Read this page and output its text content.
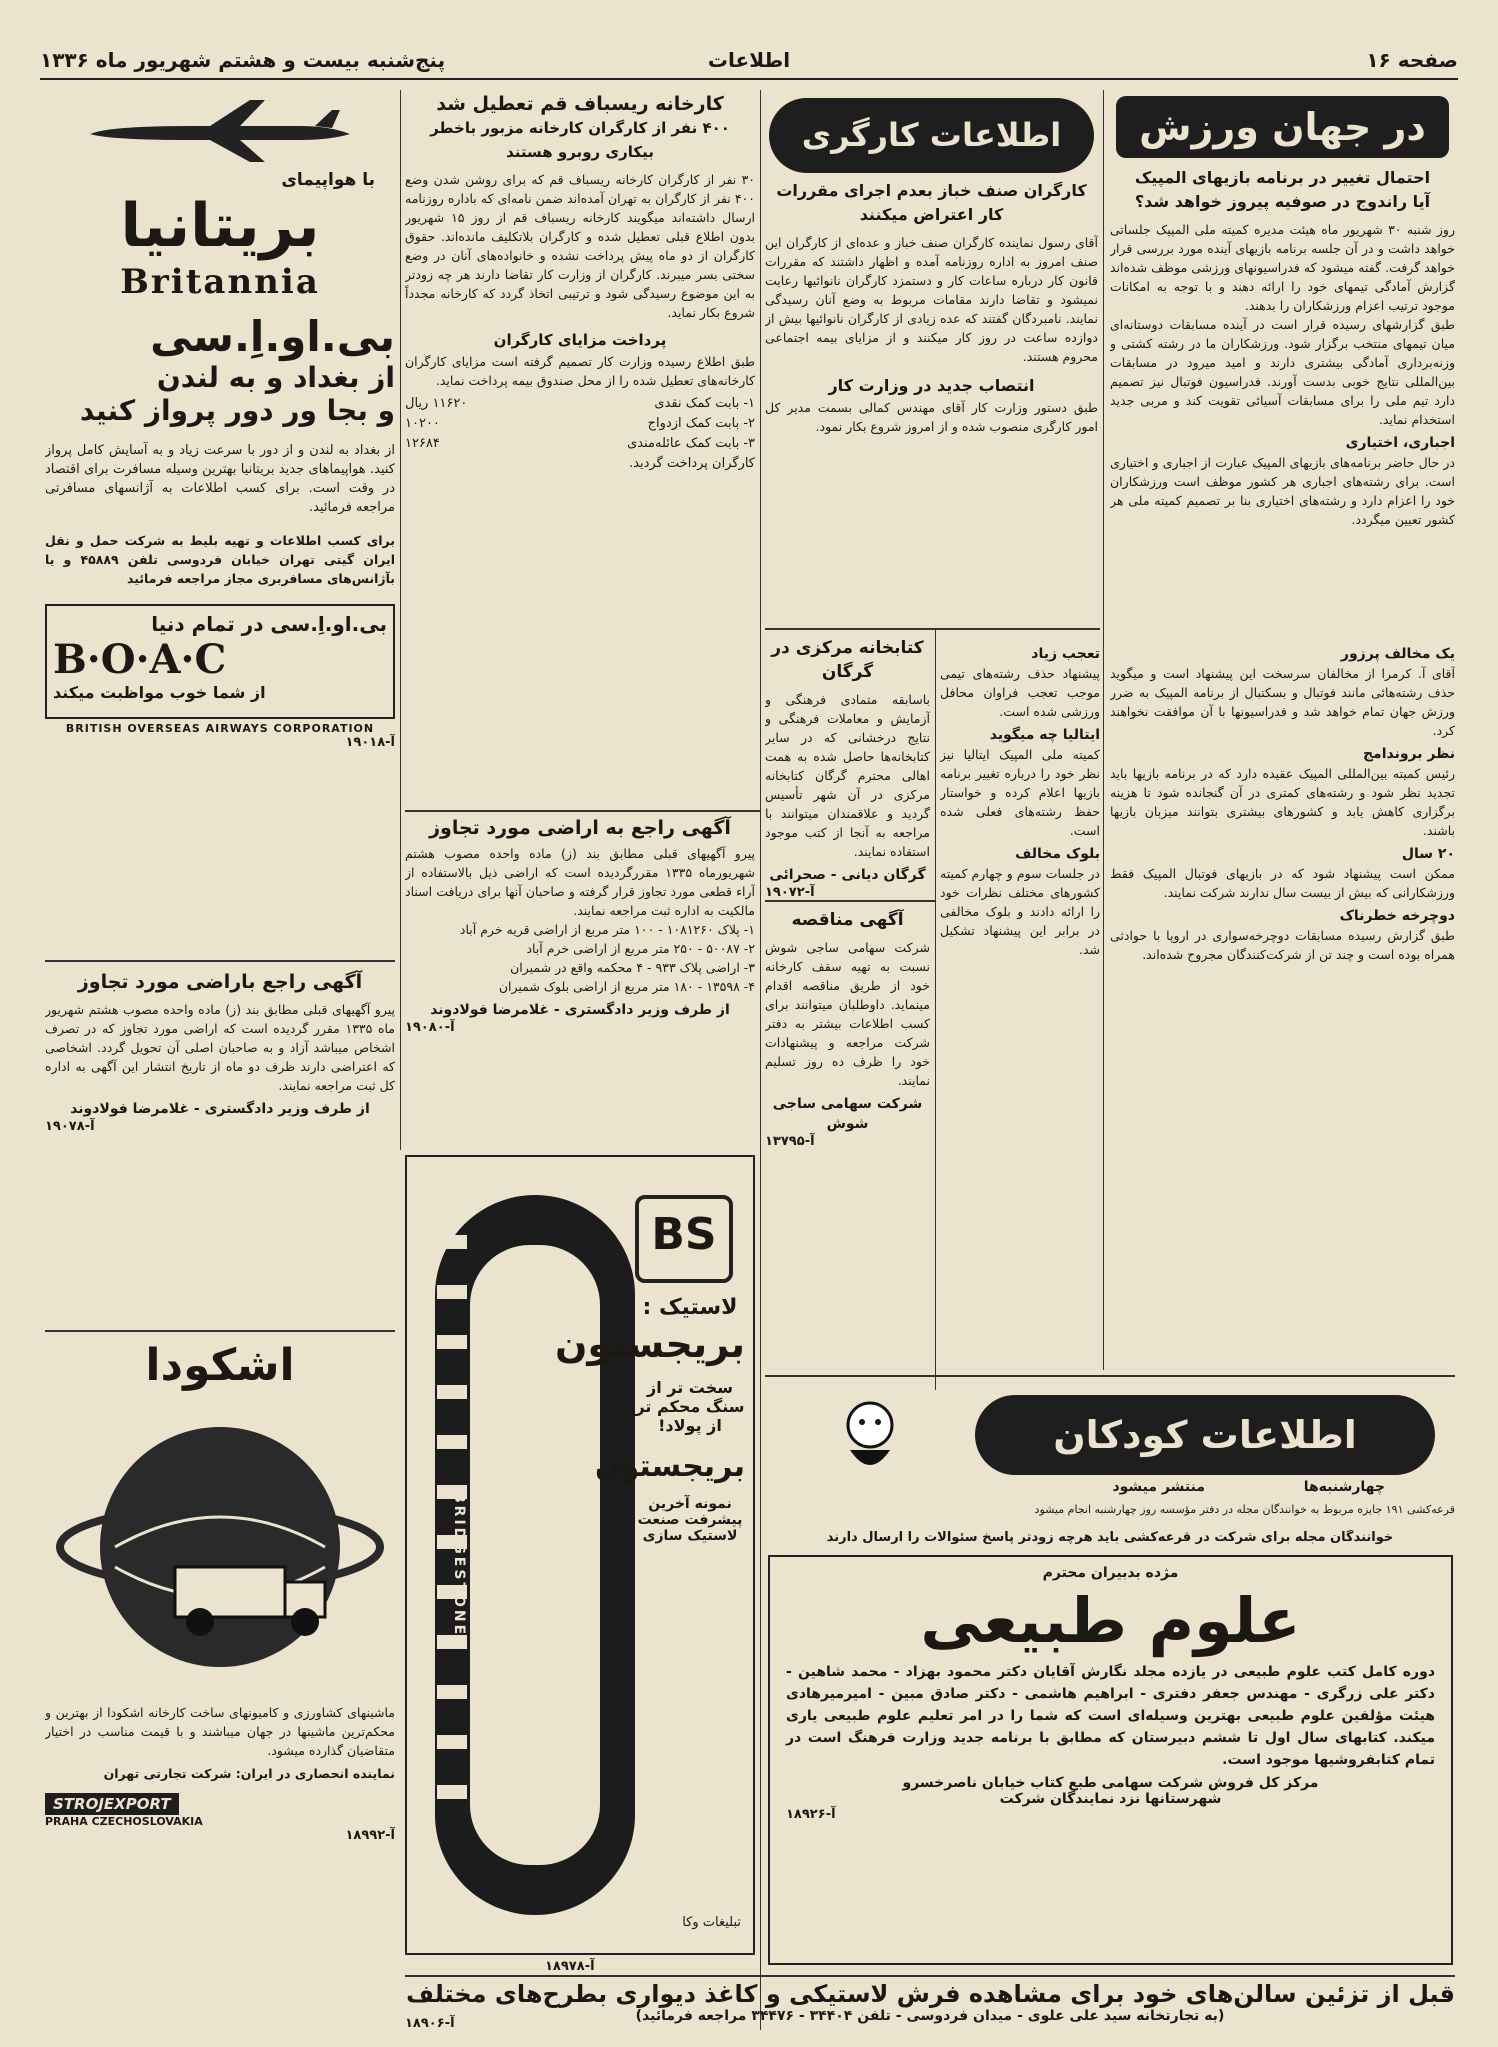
صفحه ۱۶
اطلاعات
پنج‌شنبه بیست و هشتم شهریور ماه ۱۳۳۶
در جهان ورزش
احتمال تغییر در برنامه بازیهای المپیک
آیا راندوج در صوفیه پیروز خواهد شد؟
روز شنبه ۳۰ شهریور ماه هیئت مدیره کمیته ملی المپیک جلساتی خواهد داشت و در آن جلسه برنامه بازیهای آینده مورد بررسی قرار خواهد گرفت. گفته میشود که فدراسیونهای ورزشی موظف شده‌اند گزارش آمادگی تیمهای خود را ارائه دهند و با توجه به امکانات موجود ترتیب اعزام ورزشکاران را بدهند.
طبق گزارشهای رسیده قرار است در آینده مسابقات دوستانه‌ای میان تیمهای منتخب برگزار شود. ورزشکاران ما در رشته کشتی و وزنه‌برداری آمادگی بیشتری دارند و امید میرود در مسابقات بین‌المللی نتایج خوبی بدست آورند. فدراسیون فوتبال نیز تصمیم دارد تیم ملی را برای مسابقات آسیائی تقویت کند و مربی جدید استخدام نماید.
اجباری، اختیاری
در حال حاضر برنامه‌های بازیهای المپیک عبارت از اجباری و اختیاری است. برای رشته‌های اجباری هر کشور موظف است ورزشکاران خود را اعزام دارد و رشته‌های اختیاری بنا بر تصمیم کمیته ملی هر کشور تعیین میگردد.
یک مخالف پرزور
آقای آ. کرمرا از مخالفان سرسخت این پیشنهاد است و میگوید حذف رشته‌هائی مانند فوتبال و بسکتبال از برنامه المپیک به ضرر ورزش جهان تمام خواهد شد و فدراسیونها با آن موافقت نخواهند کرد.
نظر بروندامج
رئیس کمیته بین‌المللی المپیک عقیده دارد که در برنامه بازیها باید تجدید نظر شود و رشته‌های کمتری در آن گنجانده شود تا هزینه برگزاری کاهش یابد و کشورهای بیشتری بتوانند میزبان بازیها باشند.
۲۰ سال
ممکن است پیشنهاد شود که در بازیهای فوتبال المپیک فقط ورزشکارانی که بیش از بیست سال ندارند شرکت نمایند.
دوچرخه خطرناک
طبق گزارش رسیده مسابقات دوچرخه‌سواری در اروپا با حوادثی همراه بوده است و چند تن از شرکت‌کنندگان مجروح شده‌اند.
تعجب زیاد
پیشنهاد حذف رشته‌های تیمی موجب تعجب فراوان محافل ورزشی شده است.
ایتالیا چه میگوید
کمیته ملی المپیک ایتالیا نیز نظر خود را درباره تغییر برنامه بازیها اعلام کرده و خواستار حفظ رشته‌های فعلی شده است.
بلوک مخالف
در جلسات سوم و چهارم کمیته کشورهای مختلف نظرات خود را ارائه دادند و بلوک مخالفی در برابر این پیشنهاد تشکیل شد.
اطلاعات کارگری
کارگران صنف خباز بعدم اجرای مقررات کار اعتراض میکنند
آقای رسول نماینده کارگران صنف خباز و عده‌ای از کارگران این صنف امروز به اداره روزنامه آمده و اظهار داشتند که مقررات قانون کار درباره ساعات کار و دستمزد کارگران نانوائیها رعایت نمیشود و تقاضا دارند مقامات مربوط به وضع آنان رسیدگی نمایند. نامبردگان گفتند که عده زیادی از کارگران نانوائیها بیش از دوازده ساعت در روز کار میکنند و از مزایای بیمه اجتماعی محروم هستند.
انتصاب جدید در وزارت کار
طبق دستور وزارت کار آقای مهندس کمالی بسمت مدیر کل امور کارگری منصوب شده و از امروز شروع بکار نمود.
کتابخانه مرکزی در گرگان
باسابقه متمادی فرهنگی و آزمایش و معاملات فرهنگی و نتایج درخشانی که در سایر کتابخانه‌ها حاصل شده به همت اهالی محترم گرگان کتابخانه مرکزی در آن شهر تأسیس گردید و علاقمندان میتوانند با مراجعه به آنجا از کتب موجود استفاده نمایند.
گرگان دیانی - صحرائی
آ-۱۹۰۷۲
آگهی مناقصه
شرکت سهامی ساجی شوش نسبت به تهیه سقف کارخانه خود از طریق مناقصه اقدام مینماید. داوطلبان میتوانند برای کسب اطلاعات بیشتر به دفتر شرکت مراجعه و پیشنهادات خود را ظرف ده روز تسلیم نمایند.
شرکت سهامی ساجی شوش
آ-۱۳۷۹۵
کارخانه ریسباف قم تعطیل شد
۴۰۰ نفر از کارگران کارخانه مزبور باخطر بیکاری روبرو هستند
۳۰ نفر از کارگران کارخانه ریسباف قم که برای روشن شدن وضع ۴۰۰ نفر از کارگران به تهران آمده‌اند ضمن نامه‌ای که باداره روزنامه ارسال داشته‌اند میگویند کارخانه ریسباف قم از روز ۱۵ شهریور بدون اطلاع قبلی تعطیل شده و کارگران بلاتکلیف مانده‌اند. حقوق کارگران از دو ماه پیش پرداخت نشده و خانواده‌های آنان در وضع سختی بسر میبرند. کارگران از وزارت کار تقاضا دارند هر چه زودتر به این موضوع رسیدگی شود و ترتیبی اتخاذ گردد که کارخانه مجدداً شروع بکار نماید.
پرداخت مزایای کارگران
طبق اطلاع رسیده وزارت کار تصمیم گرفته است مزایای کارگران کارخانه‌های تعطیل شده را از محل صندوق بیمه پرداخت نماید.
۱- بابت کمک نقدی
۱۱۶۲۰ ریال
۲- بابت کمک ازدواج
۱۰۲۰۰
۳- بابت کمک عائله‌مندی
۱۲۶۸۴
کارگران پرداخت گردید.
آگهی راجع به اراضی مورد تجاوز
پیرو آگهیهای قبلی مطابق بند (ز) ماده واحده مصوب هشتم شهریورماه ۱۳۳۵ مقررگردیده است که اراضی ذیل بالاستفاده از آراء قطعی مورد تجاوز قرار گرفته و صاحبان آنها برای دریافت اسناد مالکیت به اداره ثبت مراجعه نمایند.
۱- پلاک ۱۰۸۱۲۶۰ - ۱۰۰ متر مربع از اراضی قریه خرم آباد
۲- ۵۰۰۸۷ - ۲۵۰ متر مربع از اراضی خرم آباد
۳- اراضی پلاک ۹۳۳ - ۴ محکمه واقع در شمیران
۴- ۱۳۵۹۸ - ۱۸۰ متر مربع از اراضی بلوک شمیران
از طرف وزیر دادگستری - غلامرضا فولادوند
آ-۱۹۰۸۰
با هواپیمای
بریتانیا
Britannia
بی.او.اِ.سی
از بغداد و به لندن
و بجا ور دور پرواز کنید
از بغداد به لندن و از دور با سرعت زیاد و به آسایش کامل پرواز کنید. هواپیماهای جدید بریتانیا بهترین وسیله مسافرت برای اقتصاد در وقت است. برای کسب اطلاعات به آژانسهای مسافرتی مراجعه فرمائید.
برای کسب اطلاعات و تهیه بلیط به شرکت حمل و نقل ایران گیتی تهران خیابان فردوسی تلفن ۴۵۸۸۹ و یا بآژانس‌های مسافربری مجاز مراجعه فرمائید
بی.او.اِ.سی در تمام دنیا
B·O·A·C
از شما خوب مواظبت میکند
BRITISH OVERSEAS AIRWAYS CORPORATION
آ-۱۹۰۱۸
آگهی راجع باراضی مورد تجاوز
پیرو آگهیهای قبلی مطابق بند (ز) ماده واحده مصوب هشتم شهریور ماه ۱۳۳۵ مقرر گردیده است که اراضی مورد تجاوز که در تصرف اشخاص میباشد آزاد و به صاحبان اصلی آن تحویل گردد. اشخاصی که اعتراضی دارند ظرف دو ماه از تاریخ انتشار این آگهی به اداره کل ثبت مراجعه نمایند.
از طرف وزیر دادگستری - غلامرضا فولادوند
آ-۱۹۰۷۸
اشکودا
ماشینهای کشاورزی و کامیونهای ساخت کارخانه اشکودا از بهترین و محکم‌ترین ماشینها در جهان میباشند و با قیمت مناسب در اختیار متقاضیان گذارده میشود.
نماینده انحصاری در ایران: شرکت تجارتی تهران
STROJEXPORT
PRAHA CZECHOSLOVAKIA
آ-۱۸۹۹۲
BRIDGESTONE
BS
لاستیک :
بریجستون
سخت تر از سنگ محکم تر از پولاد!
بریجستون
نمونه آخرین پیشرفت صنعت لاستیک سازی
تبلیغات وکا
آ-۱۸۹۷۸
اطلاعات کودکان
منتشر میشود	چهارشنبه‌ها
قرعه‌کشی ۱۹۱ جایزه مربوط به خوانندگان مجله در دفتر مؤسسه روز چهارشنبه انجام میشود
خوانندگان مجله برای شرکت در قرعه‌کشی باید هرچه زودتر پاسخ سئوالات را ارسال دارند
مژده بدبیران محترم
علوم طبیعی
دوره کامل کتب علوم طبیعی در یازده مجلد نگارش آقایان دکتر محمود بهزاد - محمد شاهین - دکتر علی زرگری - مهندس جعفر دفتری - ابراهیم هاشمی - دکتر صادق مبین - امیرمیرهادی هیئت مؤلفین علوم طبیعی بهترین وسیله‌ای است که شما را در امر تعلیم علوم طبیعی یاری میکند. کتابهای سال اول تا ششم دبیرستان که مطابق با برنامه جدید وزارت فرهنگ است در تمام کتابفروشیها موجود است.
مرکز کل فروش شرکت سهامی طبع کتاب خیابان ناصرخسرو
شهرستانها نزد نمایندگان شرکت
آ-۱۸۹۲۶
قبل از تزئین سالن‌های خود برای مشاهده فرش لاستیکی و کاغذ دیواری بطرح‌های مختلف
(به تجارتخانه سید علی علوی - میدان فردوسی - تلفن ۳۴۴۰۴ - ۳۴۴۷۶ مراجعه فرمائید)
آ-۱۸۹۰۶
